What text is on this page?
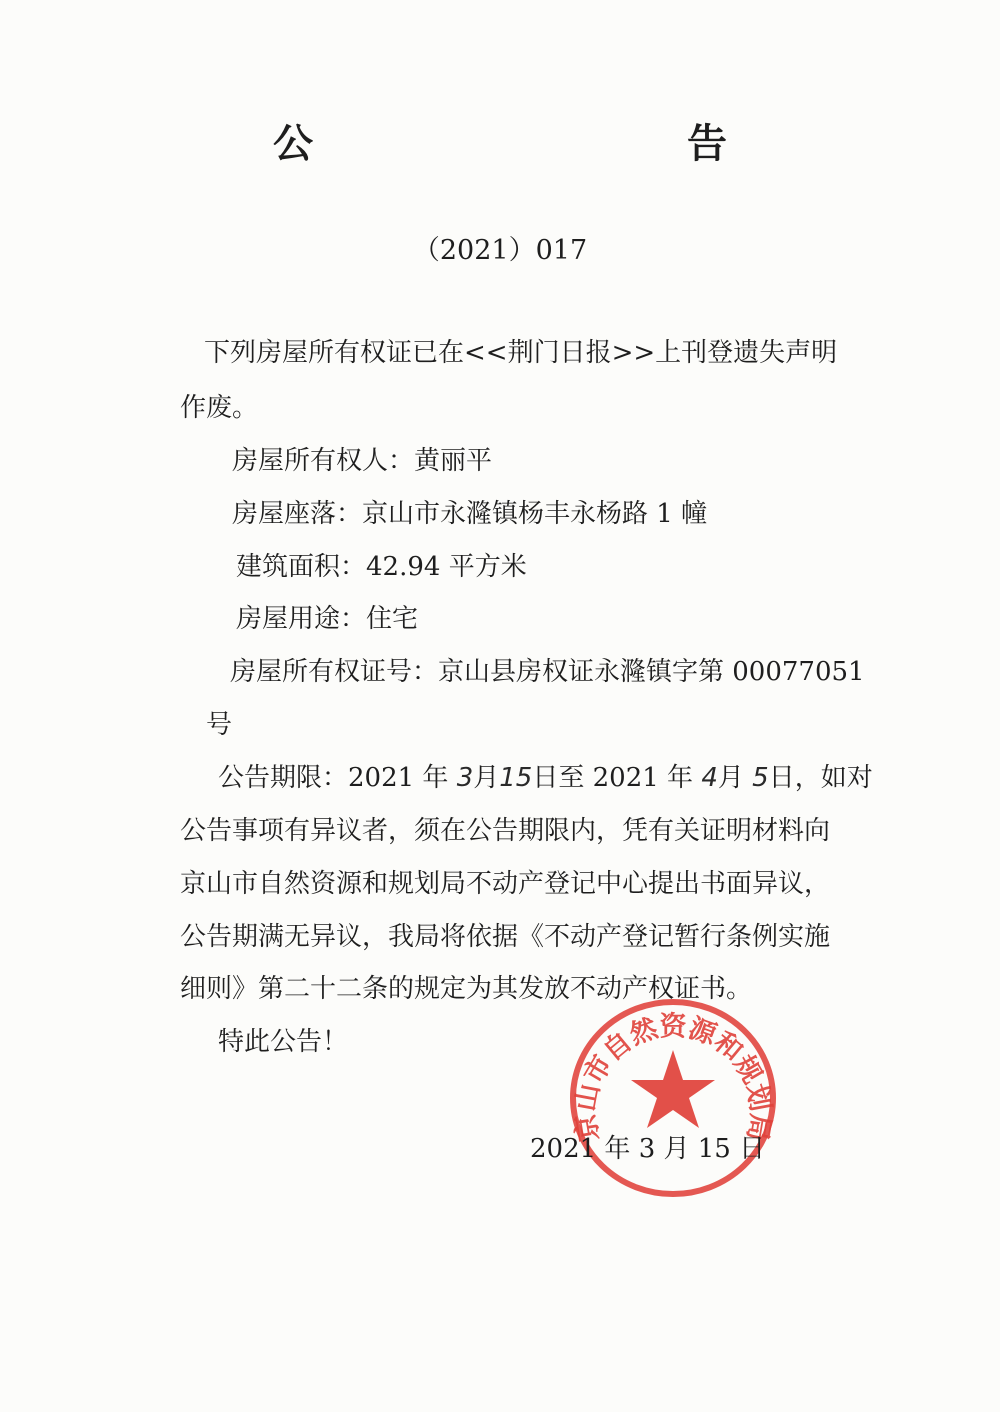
公 告

（2021）017

下列房屋所有权证已在<<荆门日报>>上刊登遗失声明

作废。

房屋所有权人：黄丽平

房屋座落：京山市永漋镇杨丰永杨路 1 幢

建筑面积：42.94 平方米

房屋用途：住宅

房屋所有权证号：京山县房权证永漋镇字第 00077051

号

公告期限：2021 年 3月15日至 2021 年 4月 5日，如对

公告事项有异议者，须在公告期限内，凭有关证明材料向

京山市自然资源和规划局不动产登记中心提出书面异议，

公告期满无异议，我局将依据《不动产登记暂行条例实施

细则》第二十二条的规定为其发放不动产权证书。

特此公告！

京山市自然资源和规划局

2021 年 3 月 15 日
